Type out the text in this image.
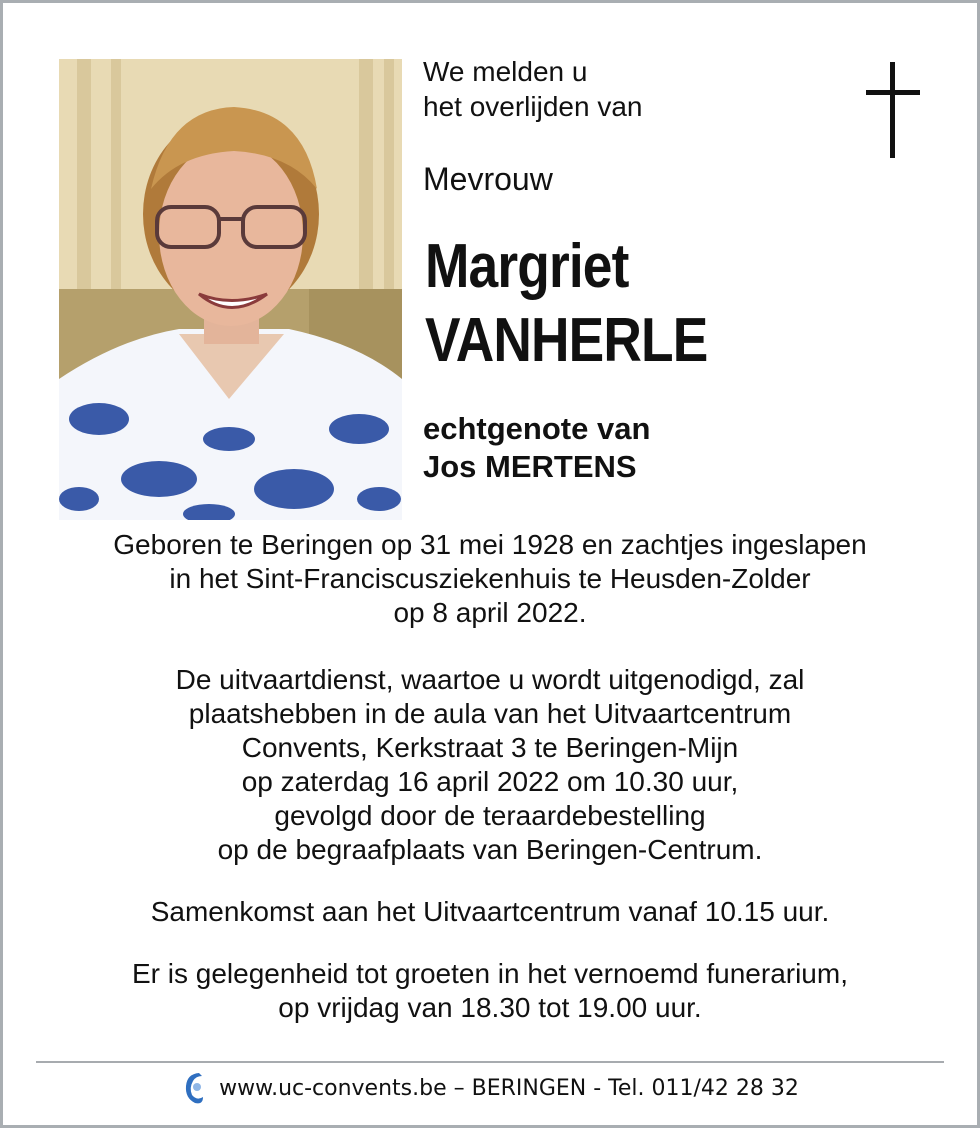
We melden u
het overlijden van
Mevrouw
Margriet
VANHERLE
echtgenote van
Jos MERTENS

Geboren te Beringen op 31 mei 1928 en zachtjes ingeslapen

in het Sint-Franciscusziekenhuis te Heusden-Zolder

op 8 april 2022.

De uitvaartdienst, waartoe u wordt uitgenodigd, zal

plaatshebben in de aula van het Uitvaartcentrum

Convents, Kerkstraat 3 te Beringen-Mijn

op zaterdag 16 april 2022 om 10.30 uur,

gevolgd door de teraardebestelling

op de begraafplaats van Beringen-Centrum.

Samenkomst aan het Uitvaartcentrum vanaf 10.15 uur.

Er is gelegenheid tot groeten in het vernoemd funerarium,

op vrijdag van 18.30 tot 19.00 uur.

www.uc-convents.be – BERINGEN - Tel. 011/42 28 32
